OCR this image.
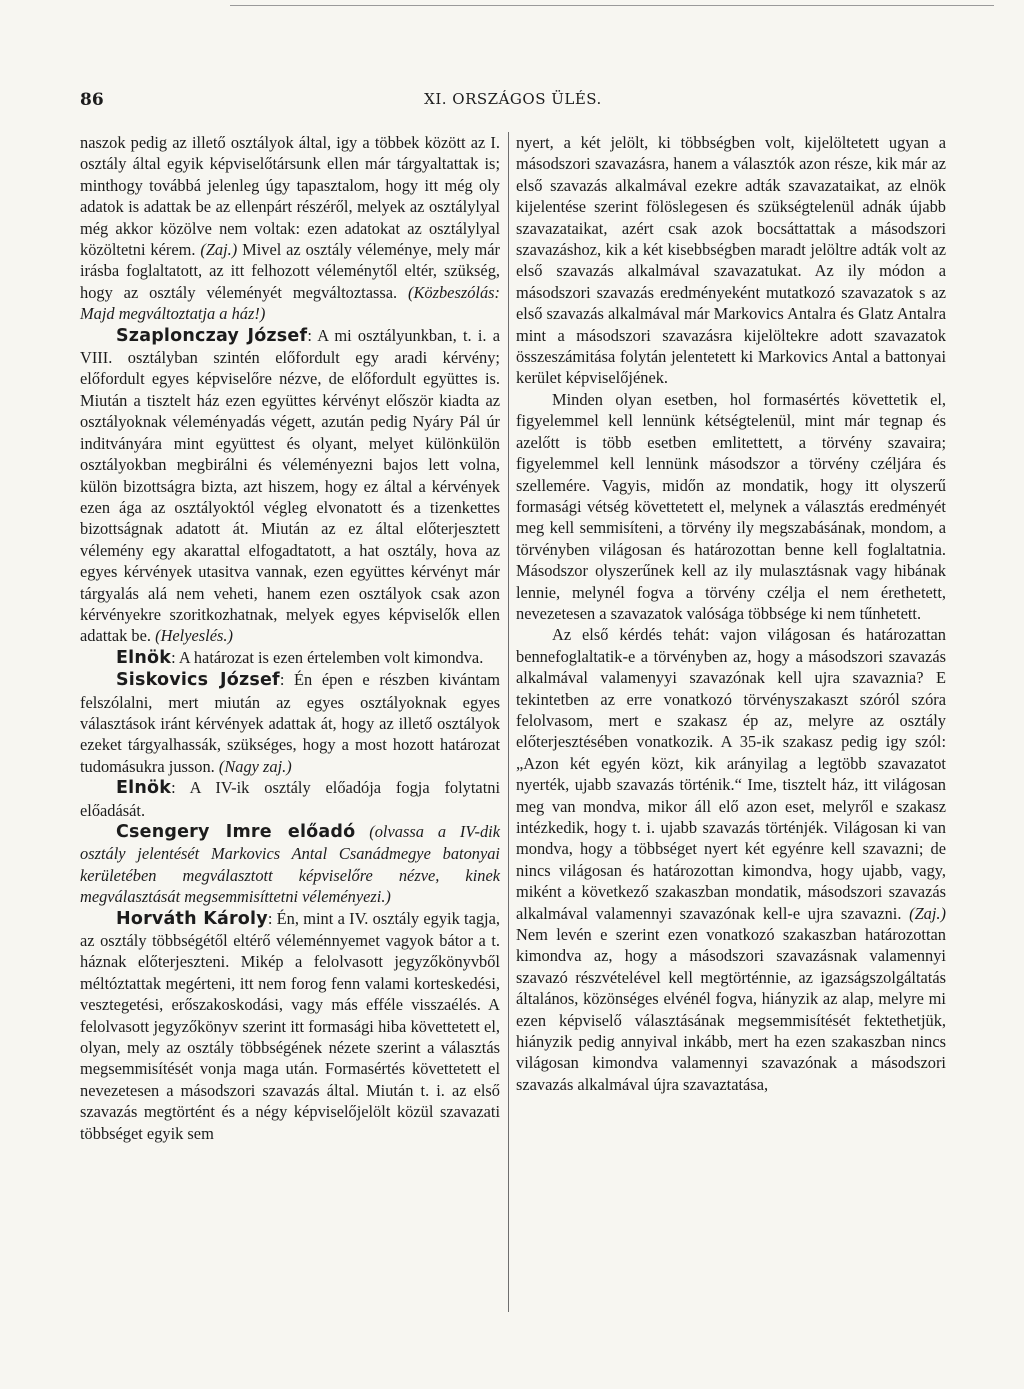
86	XI. ORSZÁGOS ÜLÉS.

naszok pedig az illető osztályok által, igy a többek között az I. osztály által egyik képviselőtársunk ellen már tárgyaltattak is; minthogy továbbá jelenleg úgy tapasztalom, hogy itt még oly adatok is adattak be az ellenpárt részéről, melyek az osztálylyal még akkor közölve nem voltak: ezen adatokat az osztálylyal közöltetni kérem. (Zaj.) Mivel az osztály véleménye, mely már irásba foglaltatott, az itt felhozott véleménytől eltér, szükség, hogy az osztály véleményét megváltoztassa. (Közbeszólás: Majd megváltoztatja a ház!)

Szaplonczay József: A mi osztályunkban, t. i. a VIII. osztályban szintén előfordult egy aradi kérvény; előfordult egyes képviselőre nézve, de előfordult együttes is. Miután a tisztelt ház ezen együttes kérvényt először kiadta az osztályoknak véleményadás végett, azután pedig Nyáry Pál úr inditványára mint együttest és olyant, melyet különkülön osztályokban megbirálni és véleményezni bajos lett volna, külön bizottságra bizta, azt hiszem, hogy ez által a kérvények ezen ága az osztályoktól végleg elvonatott és a tizenkettes bizottságnak adatott át. Miután az ez által előterjesztett vélemény egy akarattal elfogadtatott, a hat osztály, hova az egyes kérvények utasitva vannak, ezen együttes kérvényt már tárgyalás alá nem veheti, hanem ezen osztályok csak azon kérvényekre szoritkozhatnak, melyek egyes képviselők ellen adattak be. (Helyeslés.)

Elnök: A határozat is ezen értelemben volt kimondva.

Siskovics József: Én épen e részben kivántam felszólalni, mert miután az egyes osztályoknak egyes választások iránt kérvények adattak át, hogy az illető osztályok ezeket tárgyalhassák, szükséges, hogy a most hozott határozat tudomásukra jusson. (Nagy zaj.)

Elnök: A IV-ik osztály előadója fogja folytatni előadását.

Csengery Imre előadó (olvassa a IV-dik osztály jelentését Markovics Antal Csanádmegye batonyai kerületében megválasztott képviselőre nézve, kinek megválasztását megsemmisíttetni véleményezi.)

Horváth Károly: Én, mint a IV. osztály egyik tagja, az osztály többségétől eltérő véleménnyemet vagyok bátor a t. háznak előterjeszteni. Mikép a felolvasott jegyzőkönyvből méltóztattak megérteni, itt nem forog fenn valami korteskedési, vesztegetési, erőszakoskodási, vagy más efféle visszaélés. A felolvasott jegyzőkönyv szerint itt formasági hiba követtetett el, olyan, mely az osztály többségének nézete szerint a választás megsemmisítését vonja maga után. Formasértés követtetett el nevezetesen a másodszori szavazás által. Miután t. i. az első szavazás megtörtént és a négy képviselőjelölt közül szavazati többséget egyik sem

nyert, a két jelölt, ki többségben volt, kijelöltetett ugyan a másodszori szavazásra, hanem a választók azon része, kik már az első szavazás alkalmával ezekre adták szavazataikat, az elnök kijelentése szerint fölöslegesen és szükségtelenül adnák újabb szavazataikat, azért csak azok bocsáttattak a másodszori szavazáshoz, kik a két kisebbségben maradt jelöltre adták volt az első szavazás alkalmával szavazatukat. Az ily módon a másodszori szavazás eredményeként mutatkozó szavazatok s az első szavazás alkalmával már Markovics Antalra és Glatz Antalra mint a másodszori szavazásra kijelöltekre adott szavazatok összeszámitása folytán jelentetett ki Markovics Antal a battonyai kerület képviselőjének.

Minden olyan esetben, hol formasértés követtetik el, figyelemmel kell lennünk kétségtelenül, mint már tegnap és azelőtt is több esetben emlitettett, a törvény szavaira; figyelemmel kell lennünk másodszor a törvény czéljára és szellemére. Vagyis, midőn az mondatik, hogy itt olyszerű formasági vétség követtetett el, melynek a választás eredményét meg kell semmisíteni, a törvény ily megszabásának, mondom, a törvényben világosan és határozottan benne kell foglaltatnia. Másodszor olyszerűnek kell az ily mulasztásnak vagy hibának lennie, melynél fogva a törvény czélja el nem érethetett, nevezetesen a szavazatok valósága többsége ki nem tűnhetett.

Az első kérdés tehát: vajon világosan és határozattan bennefoglaltatik-e a törvényben az, hogy a másodszori szavazás alkalmával valamenyyi szavazónak kell ujra szavaznia? E tekintetben az erre vonatkozó törvényszakaszt szóról szóra felolvasom, mert e szakasz ép az, melyre az osztály előterjesztésében vonatkozik. A 35-ik szakasz pedig igy szól: „Azon két egyén közt, kik arányilag a legtöbb szavazatot nyerték, ujabb szavazás történik.“ Ime, tisztelt ház, itt világosan meg van mondva, mikor áll elő azon eset, melyről e szakasz intézkedik, hogy t. i. ujabb szavazás történjék. Világosan ki van mondva, hogy a többséget nyert két egyénre kell szavazni; de nincs világosan és határozottan kimondva, hogy ujabb, vagy, miként a következő szakaszban mondatik, másodszori szavazás alkalmával valamennyi szavazónak kell-e ujra szavazni. (Zaj.) Nem levén e szerint ezen vonatkozó szakaszban határozottan kimondva az, hogy a másodszori szavazásnak valamennyi szavazó részvételével kell megtörténnie, az igazságszolgáltatás általános, közönséges elvénél fogva, hiányzik az alap, melyre mi ezen képviselő választásának megsemmisítését fektethetjük, hiányzik pedig annyival inkább, mert ha ezen szakaszban nincs világosan kimondva valamennyi szavazónak a másodszori szavazás alkalmával újra szavaztatása,
